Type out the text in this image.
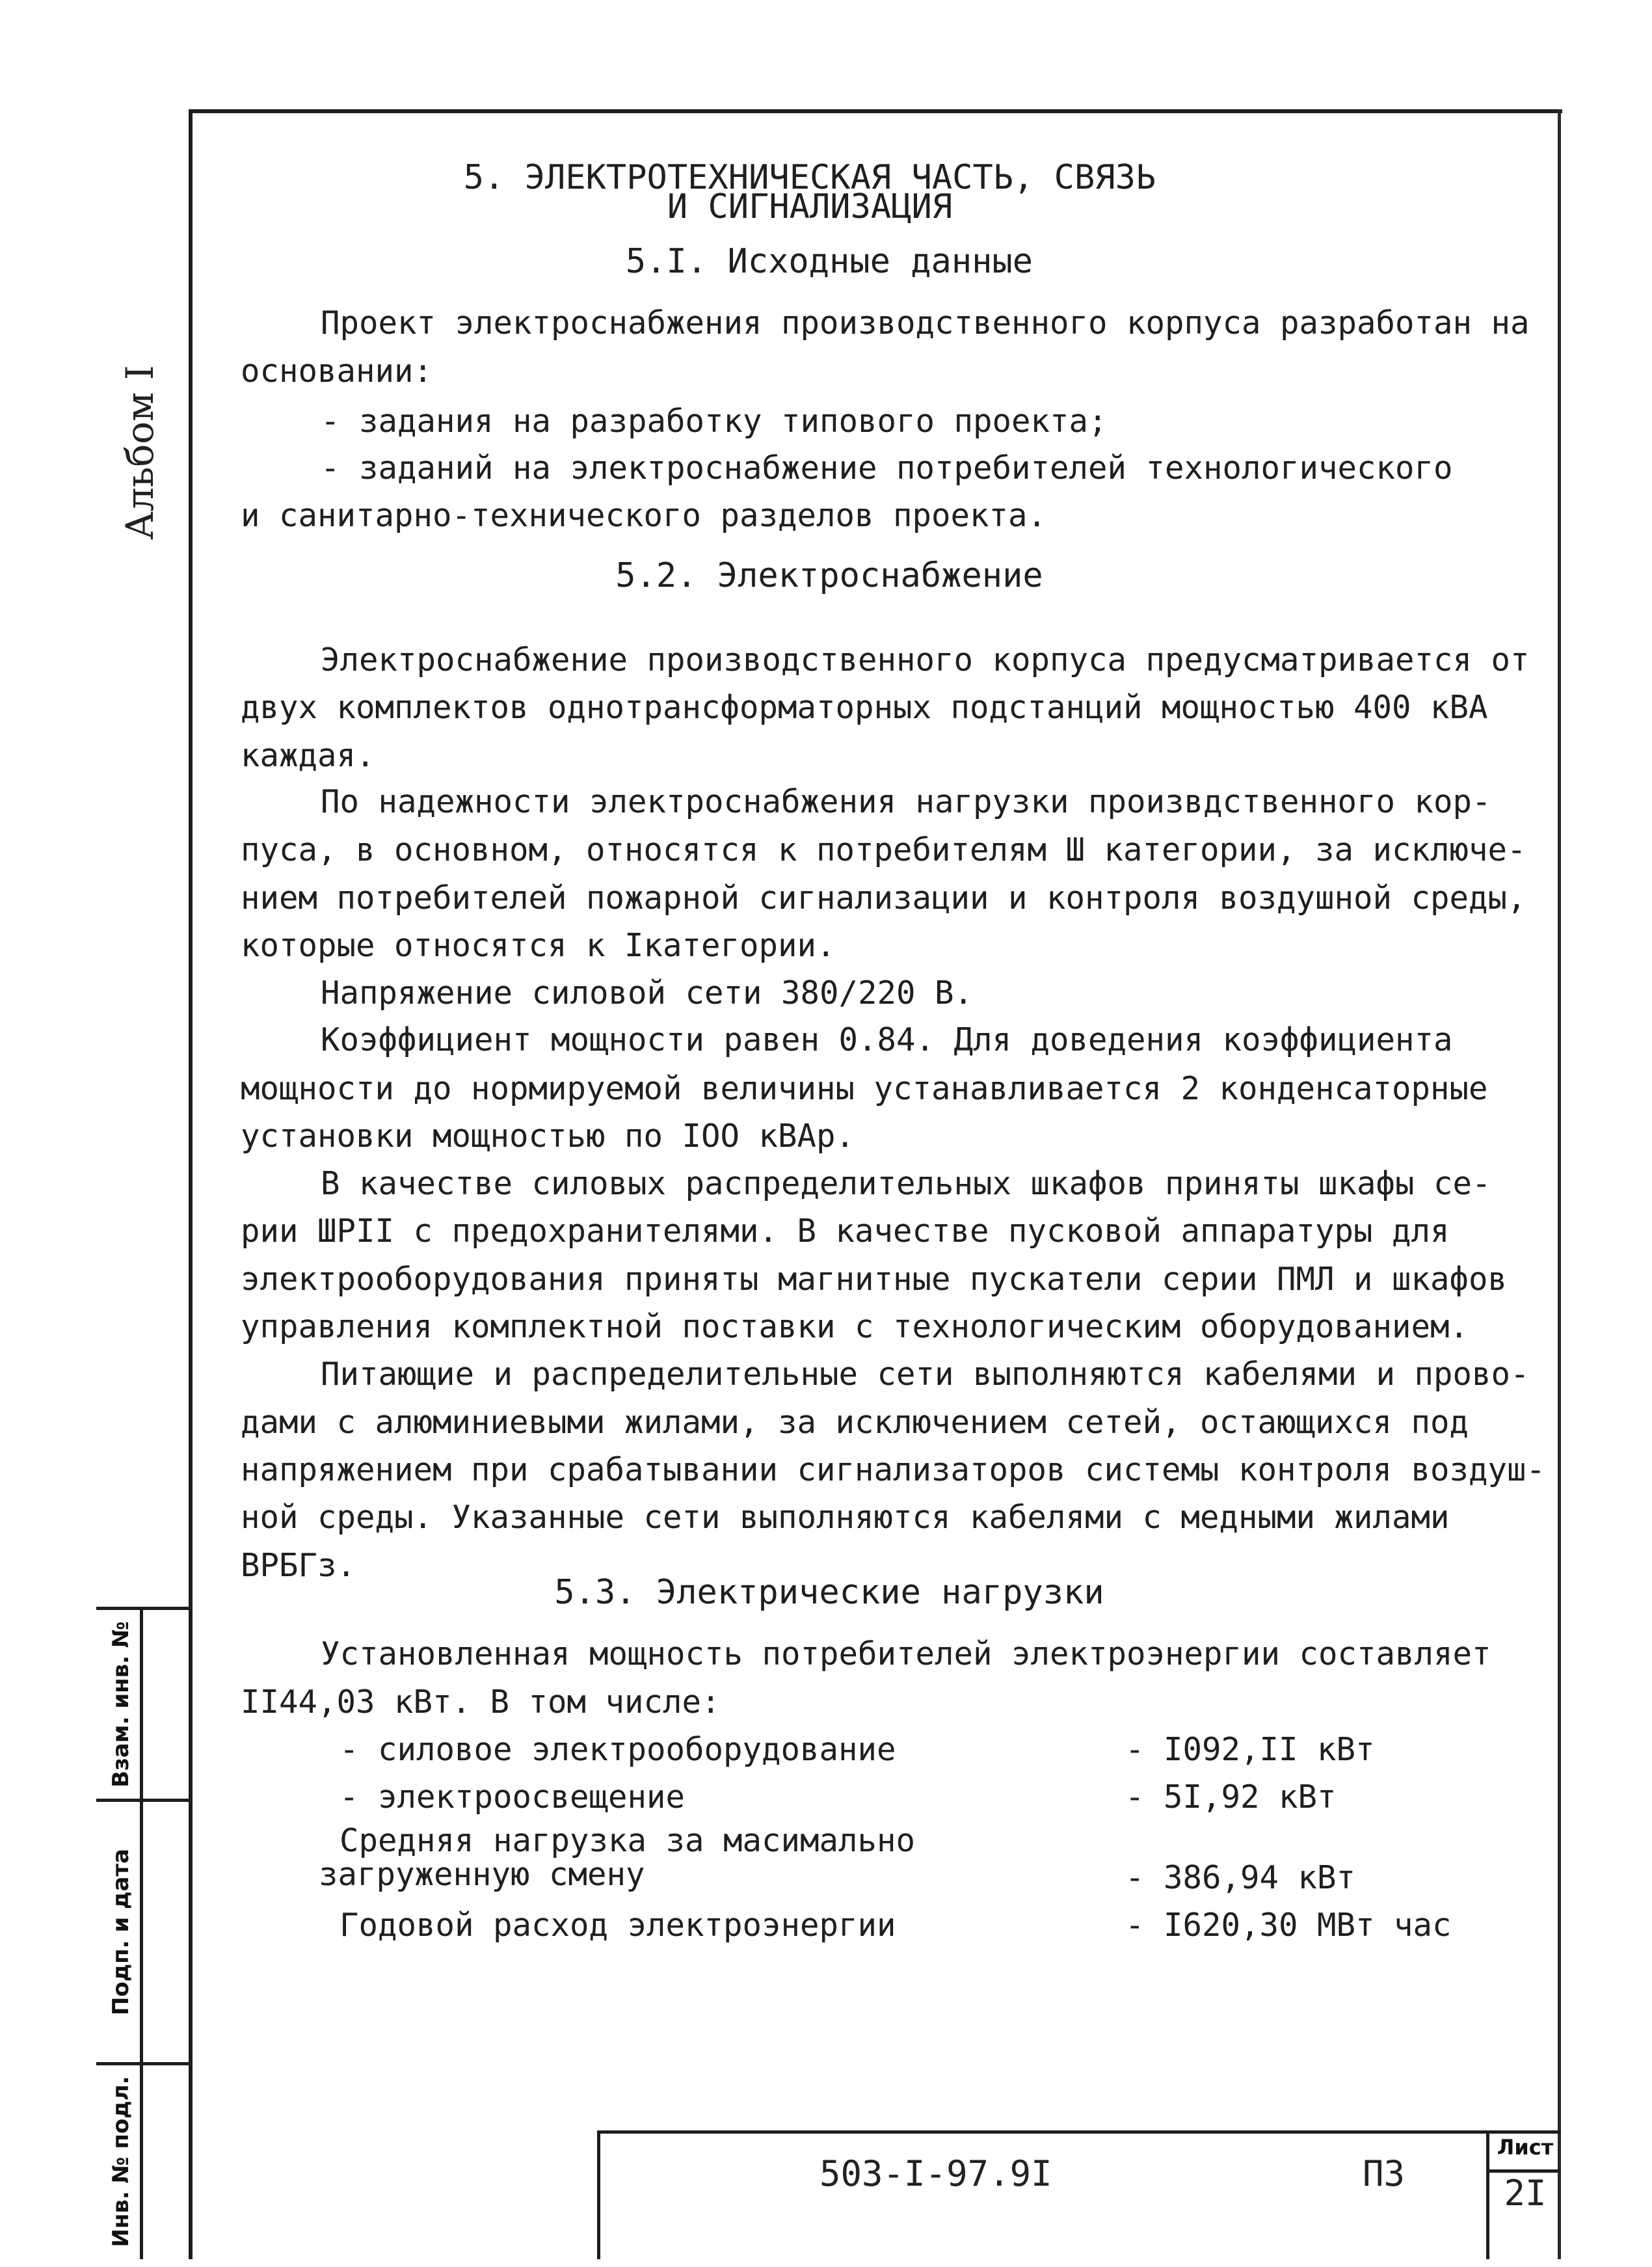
Альбом I
Взам. инв. №
Подп. и дата
Инв. № подл.
5. ЭЛЕКТРОТЕХНИЧЕСКАЯ ЧАСТЬ, СВЯЗЬ
И СИГНАЛИЗАЦИЯ
5.I. Исходные данные
Проект электроснабжения производственного корпуса разработан на
основании:
- задания на разработку типового проекта;
- заданий на электроснабжение потребителей технологического
и санитарно-технического разделов проекта.
5.2. Электроснабжение
Электроснабжение производственного корпуса предусматривается от
двух комплектов однотрансформаторных подстанций мощностью 400 кВА
каждая.
По надежности электроснабжения нагрузки произвдственного кор-
пуса, в основном, относятся к потребителям Ш категории, за исключе-
нием потребителей пожарной сигнализации и контроля воздушной среды,
которые относятся к Iкатегории.
Напряжение силовой сети 380/220 В.
Коэффициент мощности равен 0.84. Для доведения коэффициента
мощности до нормируемой величины устанавливается 2 конденсаторные
установки мощностью по IOO кВАр.
В качестве силовых распределительных шкафов приняты шкафы се-
рии ШРII с предохранителями. В качестве пусковой аппаратуры для
электрооборудования приняты магнитные пускатели серии ПМЛ и шкафов
управления комплектной поставки с технологическим оборудованием.
Питающие и распределительные сети выполняются кабелями и прово-
дами с алюминиевыми жилами, за исключением сетей, остающихся под
напряжением при срабатывании сигнализаторов системы контроля воздуш-
ной среды. Указанные сети выполняются кабелями с медными жилами
ВРБГз.
5.3. Электрические нагрузки
Установленная мощность потребителей электроэнергии составляет
II44,03 кВт. В том числе:
- силовое электрооборудование	- I092,II кВт
- электроосвещение	- 5I,92 кВт
Средняя нагрузка за масимально
загруженную смену	- 386,94 кВт
Годовой расход электроэнергии	- I620,30 МВт час
503-I-97.9I	ПЗ
Лист
2I
